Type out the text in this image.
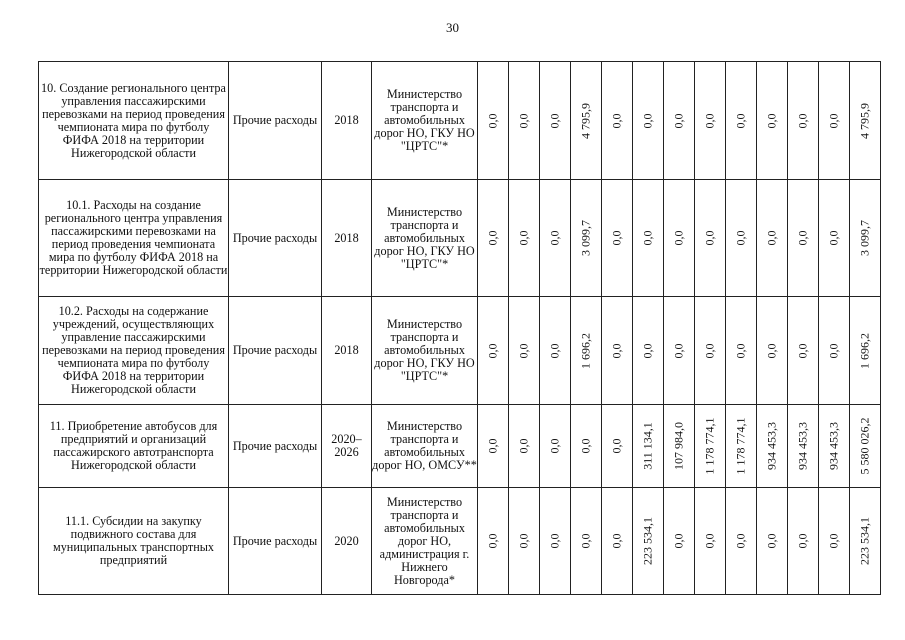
30
10. Создание регионального центра управления пассажирскими перевозками на период проведения чемпионата мира по футболу ФИФА 2018 на территории Нижегородской области	Прочие расходы	2018	Министерство транспорта и автомобильных дорог НО, ГКУ НО "ЦРТС"*	0,0	0,0	0,0	4 795,9	0,0	0,0	0,0	0,0	0,0	0,0	0,0	0,0	4 795,9

10.1. Расходы на создание регионального центра управления пассажирскими перевозками на период проведения чемпионата мира по футболу ФИФА 2018 на территории Нижегородской области	Прочие расходы	2018	Министерство транспорта и автомобильных дорог НО, ГКУ НО "ЦРТС"*	0,0	0,0	0,0	3 099,7	0,0	0,0	0,0	0,0	0,0	0,0	0,0	0,0	3 099,7

10.2. Расходы на содержание учреждений, осуществляющих управление пассажирскими перевозками на период проведения чемпионата мира по футболу ФИФА 2018 на территории Нижегородской области	Прочие расходы	2018	Министерство транспорта и автомобильных дорог НО, ГКУ НО "ЦРТС"*	0,0	0,0	0,0	1 696,2	0,0	0,0	0,0	0,0	0,0	0,0	0,0	0,0	1 696,2

11. Приобретение автобусов для предприятий и организаций пассажирского автотранспорта Нижегородской области	Прочие расходы	2020–2026	Министерство транспорта и автомобильных дорог НО, ОМСУ**	0,0	0,0	0,0	0,0	0,0	311 134,1	107 984,0	1 178 774,1	1 178 774,1	934 453,3	934 453,3	934 453,3	5 580 026,2

11.1. Субсидии на закупку подвижного состава для муниципальных транспортных предприятий	Прочие расходы	2020	Министерство транспорта и автомобильных дорог НО, администрация г. Нижнего Новгорода*	0,0	0,0	0,0	0,0	0,0	223 534,1	0,0	0,0	0,0	0,0	0,0	0,0	223 534,1
